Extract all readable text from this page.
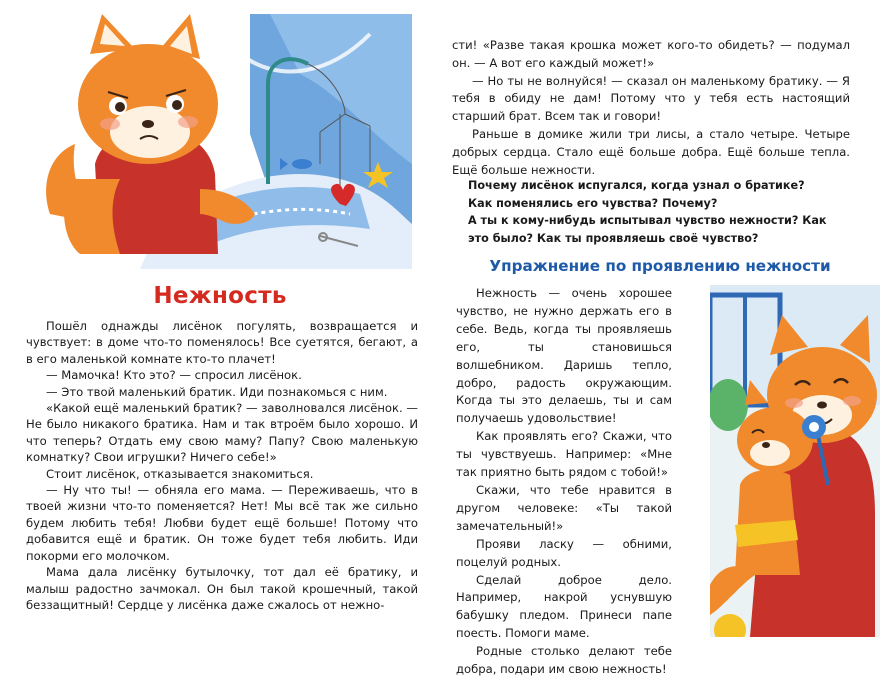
Нежность

Пошёл однажды лисёнок погулять, возвращается и чувствует: в доме что-то поменялось! Все суетятся, бегают, а в его маленькой комнате кто-то плачет!

— Мамочка! Кто это? — спросил лисёнок.

— Это твой маленький братик. Иди познакомься с ним.

«Какой ещё маленький братик? — заволновался лисёнок. — Не было никакого братика. Нам и так втроём было хорошо. И что теперь? Отдать ему свою маму? Папу? Свою маленькую комнатку? Свои игрушки? Ничего себе!»

Стоит лисёнок, отказывается знакомиться.

— Ну что ты! — обняла его мама. — Переживаешь, что в твоей жизни что-то поменяется? Нет! Мы всё так же сильно будем любить тебя! Любви будет ещё больше! Потому что добавится ещё и братик. Он тоже будет тебя любить. Иди покорми его молочком.

Мама дала лисёнку бутылочку, тот дал её братику, и малыш радостно зачмокал. Он был такой крошечный, такой беззащитный! Сердце у лисёнка даже сжалось от нежно-

сти! «Разве такая крошка может кого-то обидеть? — подумал он. — А вот его каждый может!»

— Но ты не волнуйся! — сказал он маленькому братику. — Я тебя в обиду не дам! Потому что у тебя есть настоящий старший брат. Всем так и говори!

Раньше в домике жили три лисы, а стало четыре. Четыре добрых сердца. Стало ещё больше добра. Ещё больше тепла. Ещё больше нежности.

Почему лисёнок испугался, когда узнал о братике?

Как поменялись его чувства? Почему?

А ты к кому-нибудь испытывал чувство нежности? Как это было? Как ты проявляешь своё чувство?

Упражнение по проявлению нежности

Нежность — очень хорошее чувство, не нужно держать его в себе. Ведь, когда ты проявляешь его, ты становишься волшебником. Даришь тепло, добро, радость окружающим. Когда ты это делаешь, ты и сам получаешь удовольствие!

Как проявлять его? Скажи, что ты чувствуешь. Например: «Мне так приятно быть рядом с тобой!»

Скажи, что тебе нравится в другом человеке: «Ты такой замечательный!»

Прояви ласку — обними, поцелуй родных.

Сделай доброе дело. Например, накрой уснувшую бабушку пледом. Принеси папе поесть. Помоги маме.

Родные столько делают тебе добра, подари им свою нежность!
